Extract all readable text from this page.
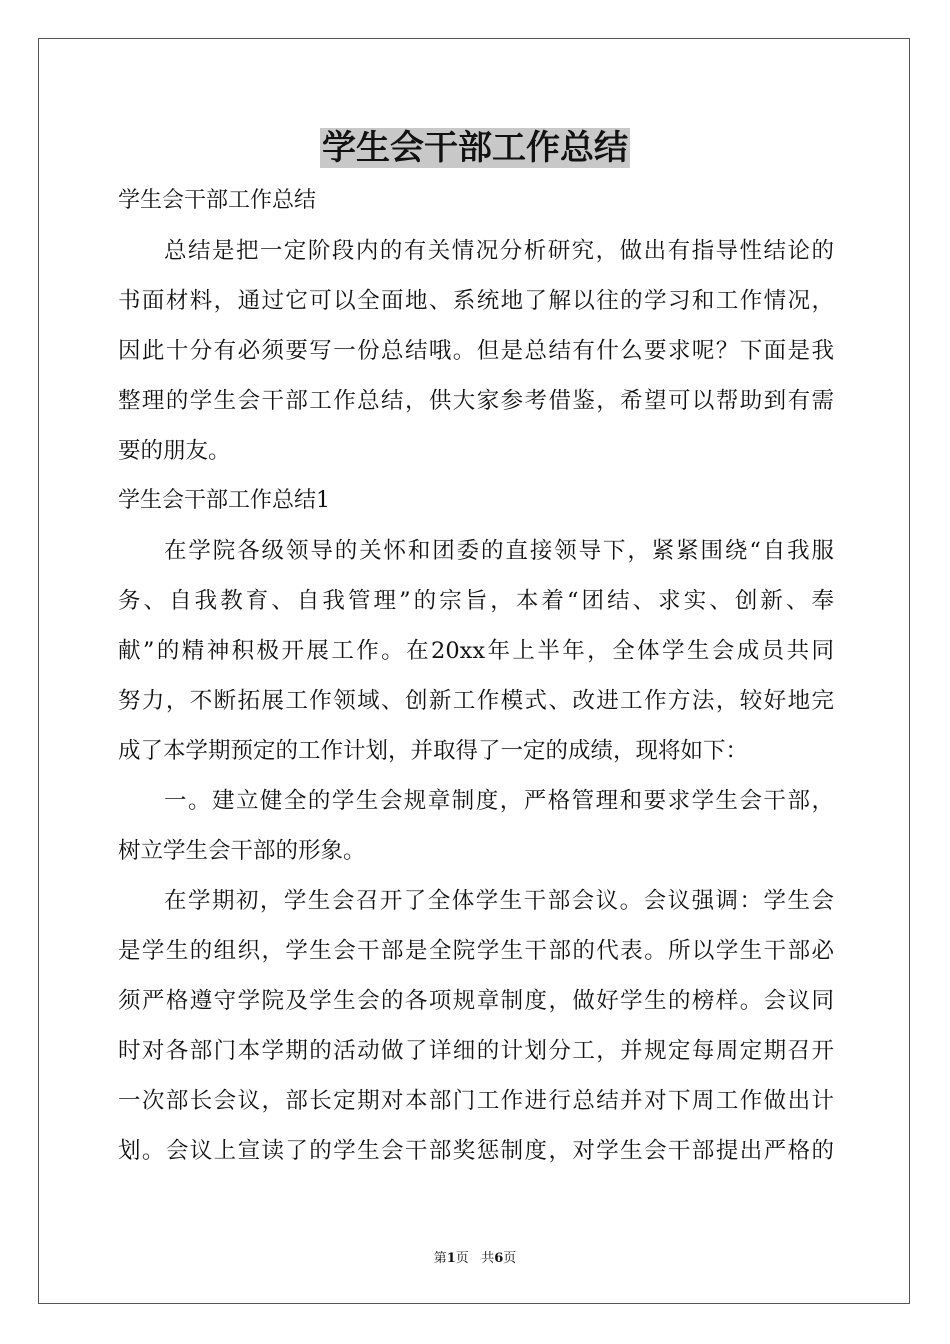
学生会干部工作总结
学生会干部工作总结
总结是把一定阶段内的有关情况分析研究，做出有指导性结论的
书面材料，通过它可以全面地、系统地了解以往的学习和工作情况，
因此十分有必须要写一份总结哦。但是总结有什么要求呢？下面是我
整理的学生会干部工作总结，供大家参考借鉴，希望可以帮助到有需
要的朋友。
学生会干部工作总结1
在学院各级领导的关怀和团委的直接领导下，紧紧围绕“自我服
务、自我教育、自我管理”的宗旨，本着“团结、求实、创新、奉
献”的精神积极开展工作。在20xx年上半年，全体学生会成员共同
努力，不断拓展工作领域、创新工作模式、改进工作方法，较好地完
成了本学期预定的工作计划，并取得了一定的成绩，现将如下：
一。建立健全的学生会规章制度，严格管理和要求学生会干部，
树立学生会干部的形象。
在学期初，学生会召开了全体学生干部会议。会议强调：学生会
是学生的组织，学生会干部是全院学生干部的代表。所以学生干部必
须严格遵守学院及学生会的各项规章制度，做好学生的榜样。会议同
时对各部门本学期的活动做了详细的计划分工，并规定每周定期召开
一次部长会议，部长定期对本部门工作进行总结并对下周工作做出计
划。会议上宣读了的学生会干部奖惩制度，对学生会干部提出严格的
第1页 共6页
